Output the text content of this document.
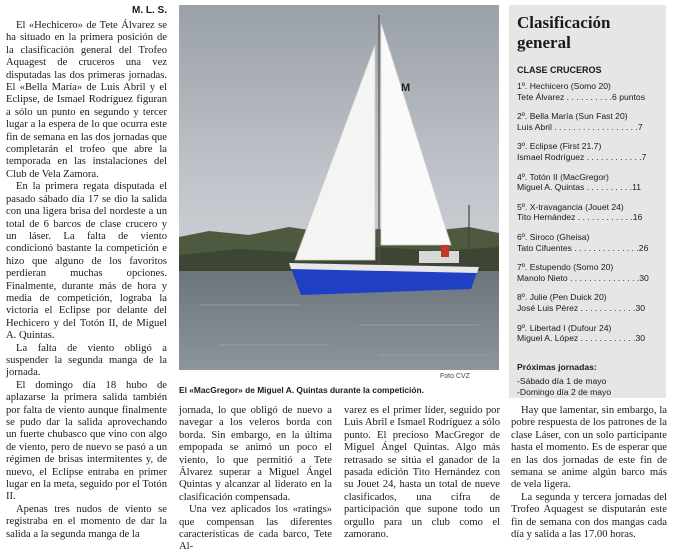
M. L. S.

El «Hechicero» de Tete Álvarez se ha situado en la primera posición de la clasificación general del Trofeo Aquagest de cruceros una vez disputadas las dos primeras jornadas. El «Bella María» de Luis Abril y el Eclipse, de Ismael Rodríguez figuran a sólo un punto en segundo y tercer lugar a la espera de lo que ocurra este fin de semana en las dos jornadas que completarán el trofeo que abre la temporada en las instalaciones del Club de Vela Zamora.

En la primera regata disputada el pasado sábado día 17 se dio la salida con una ligera brisa del nordeste a un total de 6 barcos de clase crucero y un láser. La falta de viento condicionó bastante la competición e hizo que alguno de los favoritos perdieran muchas opciones. Finalmente, durante más de hora y media de competición, lograba la victoria el Eclipse por delante del Hechicero y del Totón II, de Miguel A. Quintas.

La falta de viento obligó a suspender la segunda manga de la jornada.

El domingo día 18 hubo de aplazarse la primera salida también por falta de viento aunque finalmente se pudo dar la salida aprovechando un fuerte chubasco que vino con algo de viento, pero de nuevo se pasó a un régimen de brisas intermitentes y, de nuevo, el Eclipse entraba en primer lugar en la meta, seguido por el Totón II.

Apenas tres nudos de viento se registraba en el momento de dar la salida a la segunda manga de la

M
Foto CVZ
El «MacGregor» de Miguel A. Quintas durante la competición.

jornada, lo que obligó de nuevo a navegar a los veleros borda con borda. Sin embargo, en la última empopada se animó un poco el viento, lo que permitió a Tete Álvarez superar a Miguel Ángel Quintas y alcanzar al liderato en la clasificación compensada.

Una vez aplicados los «ratings» que compensan las diferentes características de cada barco, Tete Al-

varez es el primer líder, seguido por Luis Abril e Ismael Rodríguez a sólo punto. El precioso MacGregor de Miguel Ángel Quintas. Algo más retrasado se sitúa el ganador de la pasada edición Tito Hernández con su Jouet 24, hasta un total de nueve clasificados, una cifra de participación que supone todo un orgullo para un club como el zamorano.

Hay que lamentar, sin embargo, la pobre respuesta de los patrones de la clase Láser, con un solo participante hasta el momento. Es de esperar que en las dos jornadas de este fin de semana se anime algún barco más de vela ligera.

La segunda y tercera jornadas del Trofeo Aquagest se disputarán este fin de semana con dos mangas cada día y salida a las 17.00 horas.

Clasificación general
CLASE CRUCEROS
1º. Hechicero (Somo 20)
Tete Álvarez . . . . . . . . . .6 puntos
2º. Bella María (Sun Fast 20)
Luis Abril . . . . . . . . . . . . . . . . . .7
3º. Eclipse (First 21.7)
Ismael Rodríguez . . . . . . . . . . . .7
4º. Totón II (MacGregor)
Miguel A. Quintas . . . . . . . . . .11
5º. X-travagancia (Jouet 24)
Tito Hernández . . . . . . . . . . . .16
6º. Siroco (Gheisa)
Tato Cifuentes . . . . . . . . . . . . . .26
7º. Estupendo (Somo 20)
Manolo Nieto . . . . . . . . . . . . . . .30
8º. Julie (Pen Duick 20)
José Luis Pérez . . . . . . . . . . . .30
9º. Libertad I (Dufour 24)
Miguel A. López . . . . . . . . . . . .30
Próximas jornadas:
-Sábado día 1 de mayo
-Domingo día 2 de mayo
